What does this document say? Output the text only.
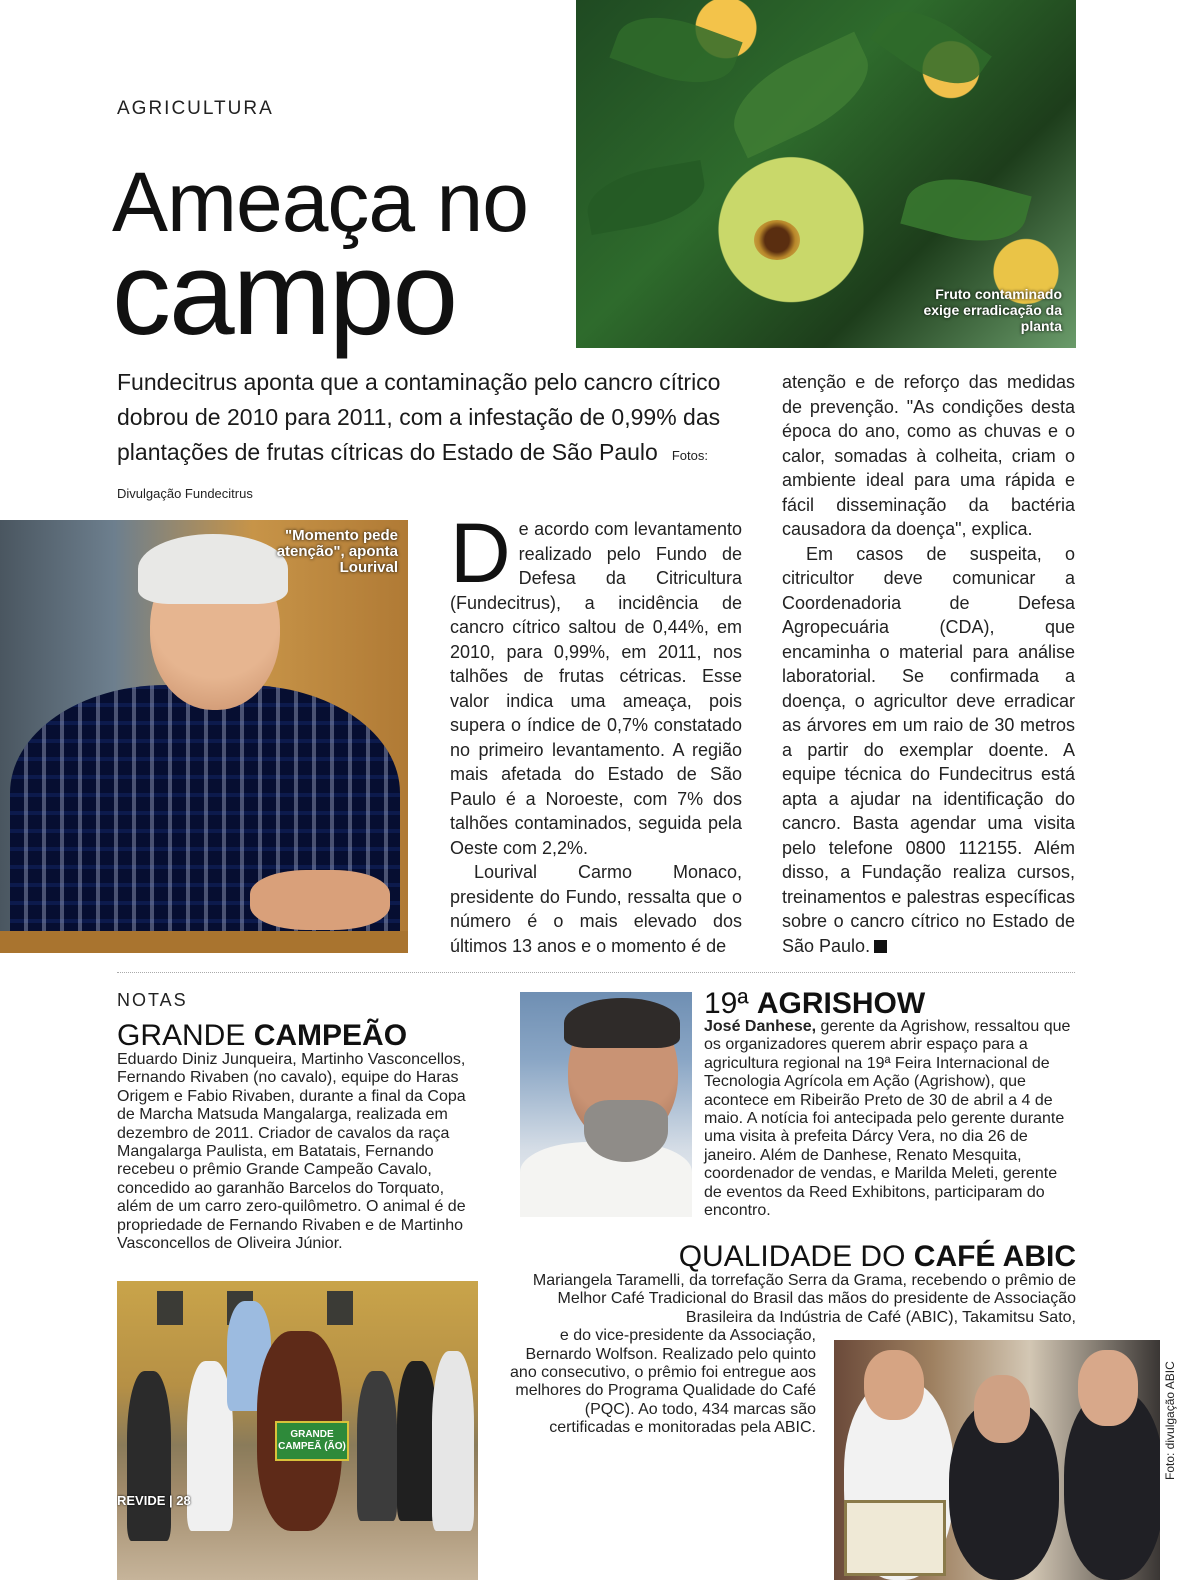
AGRICULTURA
Ameaça no
campo	Fruto contaminado exige erradicação da planta
Fundecitrus aponta que a contaminação pelo cancro cítrico dobrou de 2010 para 2011, com a infestação de 0,99% das plantações de frutas cítricas do Estado de São Paulo Fotos: Divulgação Fundecitrus
"Momento pede atenção", aponta Lourival De acordo com levantamento realizado pelo Fundo de Defesa da Citricultura (Fundecitrus), a incidência de cancro cítrico saltou de 0,44%, em 2010, para 0,99%, em 2011, nos talhões de frutas cétricas. Esse valor indica uma ameaça, pois supera o índice de 0,7% constatado no primeiro levantamento. A região mais afetada do Estado de São Paulo é a Noroeste, com 7% dos talhões contaminados, seguida pela Oeste com 2,2%.

Lourival Carmo Monaco, presidente do Fundo, ressalta que o número é o mais elevado dos últimos 13 anos e o momento é de

atenção e de reforço das medidas de prevenção. "As condições desta época do ano, como as chuvas e o calor, somadas à colheita, criam o ambiente ideal para uma rápida e fácil disseminação da bactéria causadora da doença", explica.

Em casos de suspeita, o citricultor deve comunicar a Coordenadoria de Defesa Agropecuária (CDA), que encaminha o material para análise laboratorial. Se confirmada a doença, o agricultor deve erradicar as árvores em um raio de 30 metros a partir do exemplar doente. A equipe técnica do Fundecitrus está apta a ajudar na identificação do cancro. Basta agendar uma visita pelo telefone 0800 112155. Além disso, a Fundação realiza cursos, treinamentos e palestras específicas sobre o cancro cítrico no Estado de São Paulo.

NOTAS
GRANDE CAMPEÃO
Eduardo Diniz Junqueira, Martinho Vasconcellos, Fernando Rivaben (no cavalo), equipe do Haras Origem e Fabio Rivaben, durante a final da Copa de Marcha Matsuda Mangalarga, realizada em dezembro de 2011. Criador de cavalos da raça Mangalarga Paulista, em Batatais, Fernando recebeu o prêmio Grande Campeão Cavalo, concedido ao garanhão Barcelos do Torquato, além de um carro zero-quilômetro. O animal é de propriedade de Fernando Rivaben e de Martinho Vasconcellos de Oliveira Júnior.
GRANDE CAMPEÃ (ÃO)
REVIDE | 28
19ª AGRISHOW
José Danhese, gerente da Agrishow, ressaltou que os organizadores querem abrir espaço para a agricultura regional na 19ª Feira Internacional de Tecnologia Agrícola em Ação (Agrishow), que acontece em Ribeirão Preto de 30 de abril a 4 de maio. A notícia foi antecipada pelo gerente durante uma visita à prefeita Dárcy Vera, no dia 26 de janeiro. Além de Danhese, Renato Mesquita, coordenador de vendas, e Marilda Meleti, gerente de eventos da Reed Exhibitons, participaram do encontro.
QUALIDADE DO CAFÉ ABIC
Mariangela Taramelli, da torrefação Serra da Grama, recebendo o prêmio de Melhor Café Tradicional do Brasil das mãos do presidente de Associação Brasileira da Indústria de Café (ABIC), Takamitsu Sato,
e do vice-presidente da Associação, Bernardo Wolfson. Realizado pelo quinto ano consecutivo, o prêmio foi entregue aos melhores do Programa Qualidade do Café (PQC). Ao todo, 434 marcas são certificadas e monitoradas pela ABIC.	Foto: divulgação ABIC
